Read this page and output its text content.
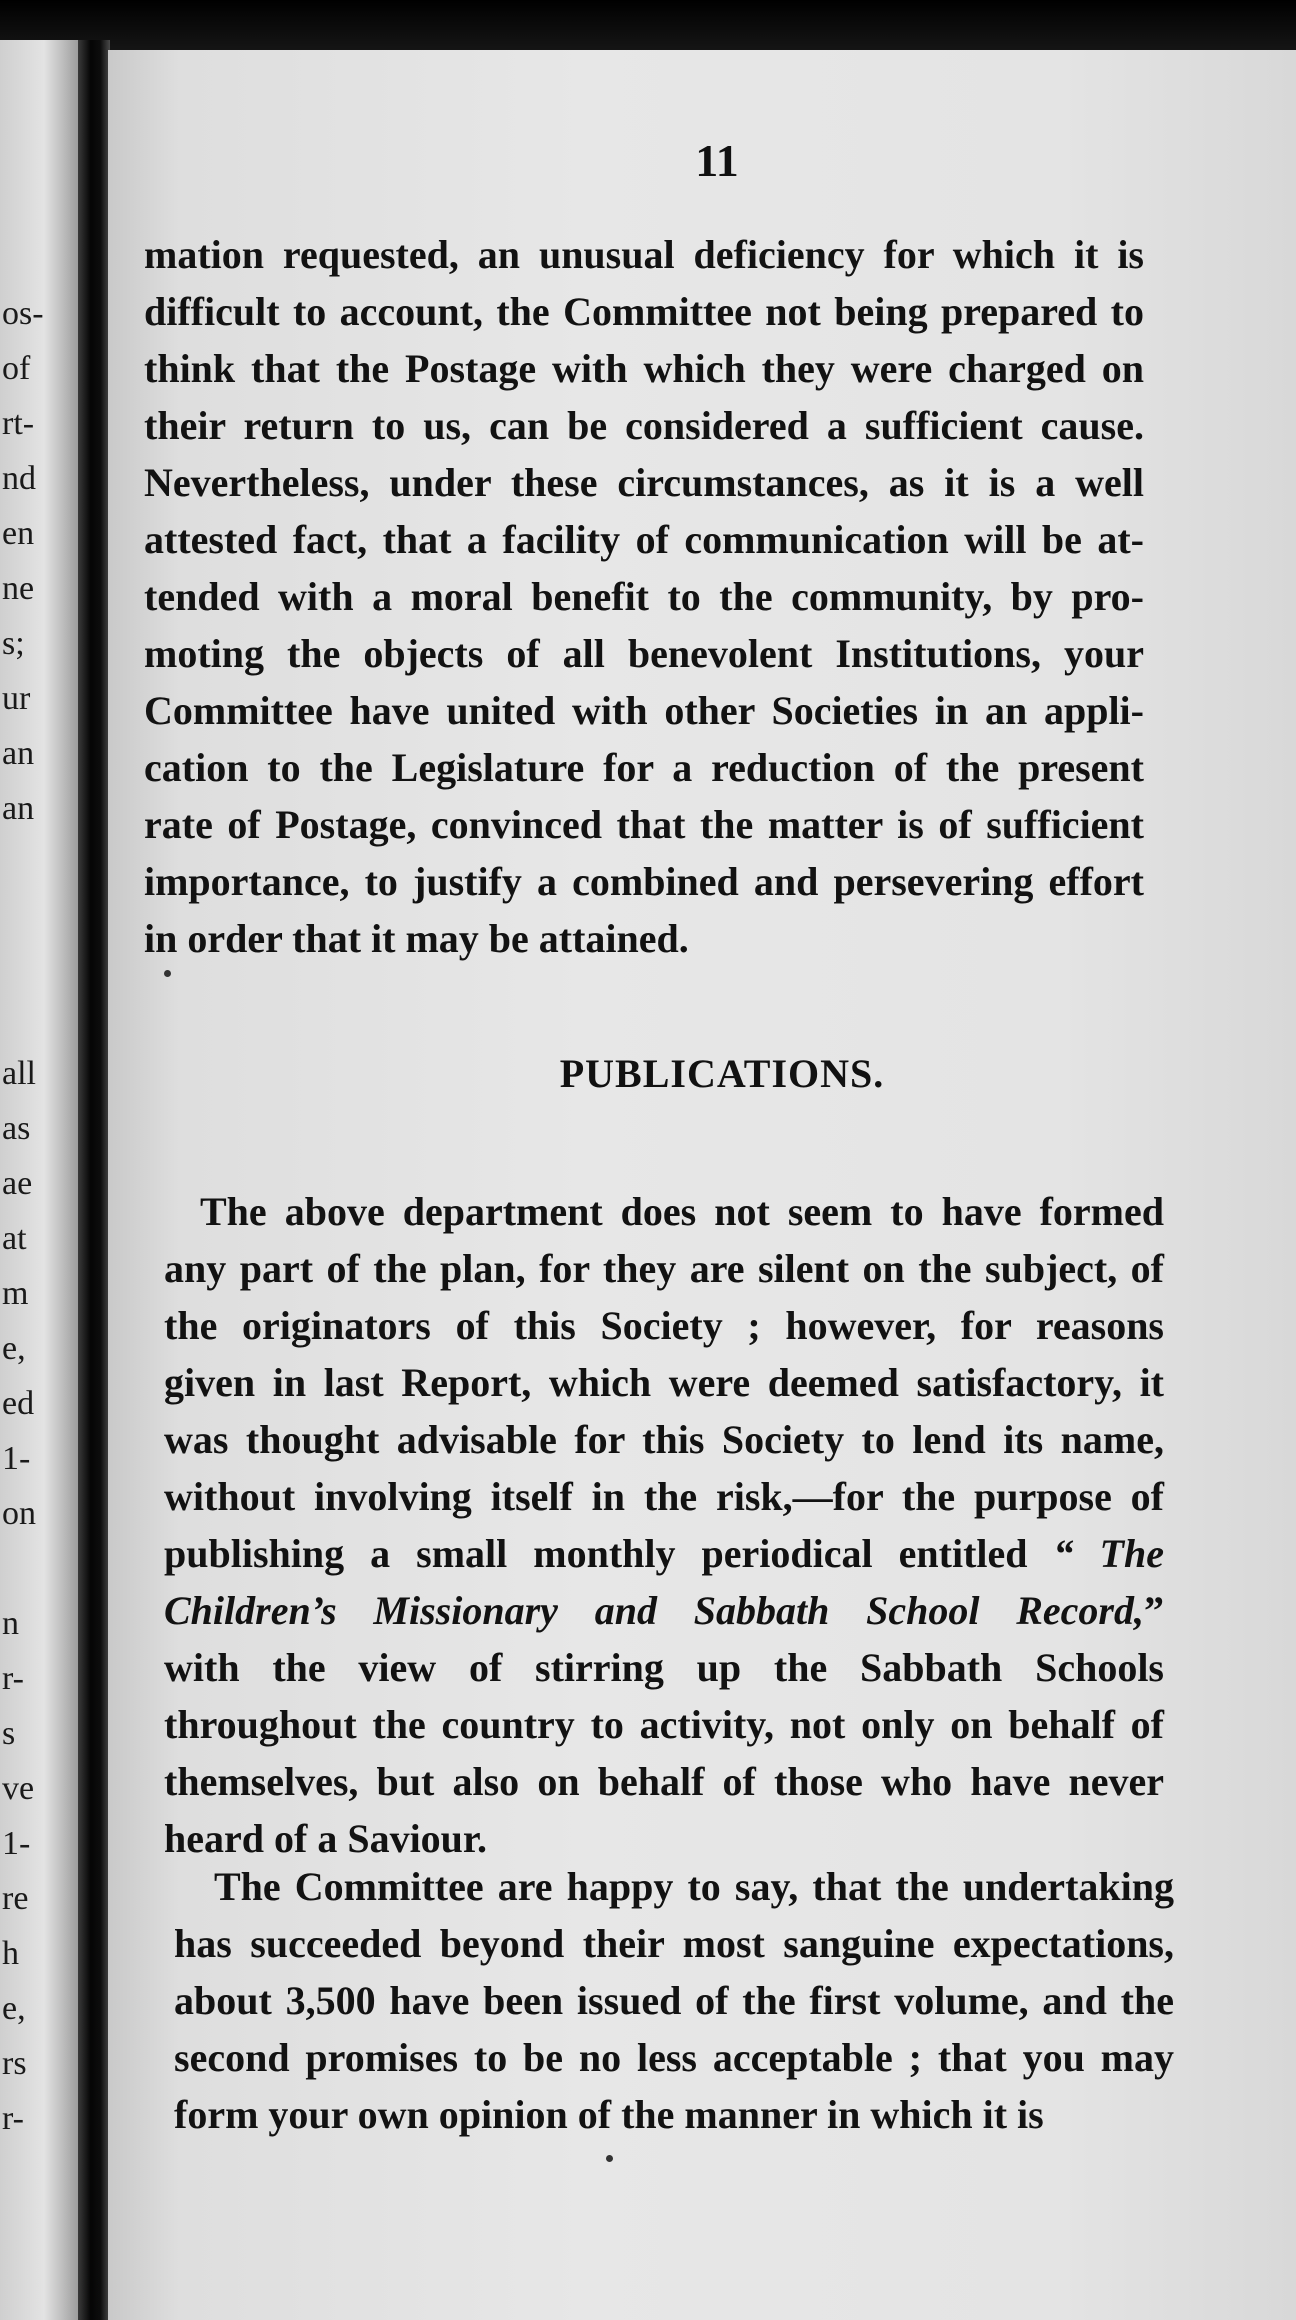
os-
of
rt-
nd
en
ne
s;
ur
an
an
all
as
ae
at
m
e,
ed
1-
on
n
r-
s
ve
1-
re
h
e,
rs
r-
11
mation requested, an unusual deficiency for which it is
difficult to account, the Committee not being prepared to
think that the Postage with which they were charged on
their return to us, can be considered a sufficient cause.
Nevertheless, under these circumstances, as it is a well
attested fact, that a facility of communication will be at-
tended with a moral benefit to the community, by pro-
moting the objects of all benevolent Institutions, your
Committee have united with other Societies in an appli-
cation to the Legislature for a reduction of the present
rate of Postage, convinced that the matter is of sufficient
importance, to justify a combined and persevering effort
in order that it may be attained.
PUBLICATIONS.
The above department does not seem to have formed
any part of the plan, for they are silent on the subject, of
the originators of this Society ; however, for reasons
given in last Report, which were deemed satisfactory, it
was thought advisable for this Society to lend its name,
without involving itself in the risk,—for the purpose of
publishing a small monthly periodical entitled “ The
Children’s Missionary and Sabbath School Record,”
with the view of stirring up the Sabbath Schools
throughout the country to activity, not only on behalf of
themselves, but also on behalf of those who have never
heard of a Saviour.
The Committee are happy to say, that the undertaking
has succeeded beyond their most sanguine expectations,
about 3,500 have been issued of the first volume, and the
second promises to be no less acceptable ; that you may
form your own opinion of the manner in which it is
